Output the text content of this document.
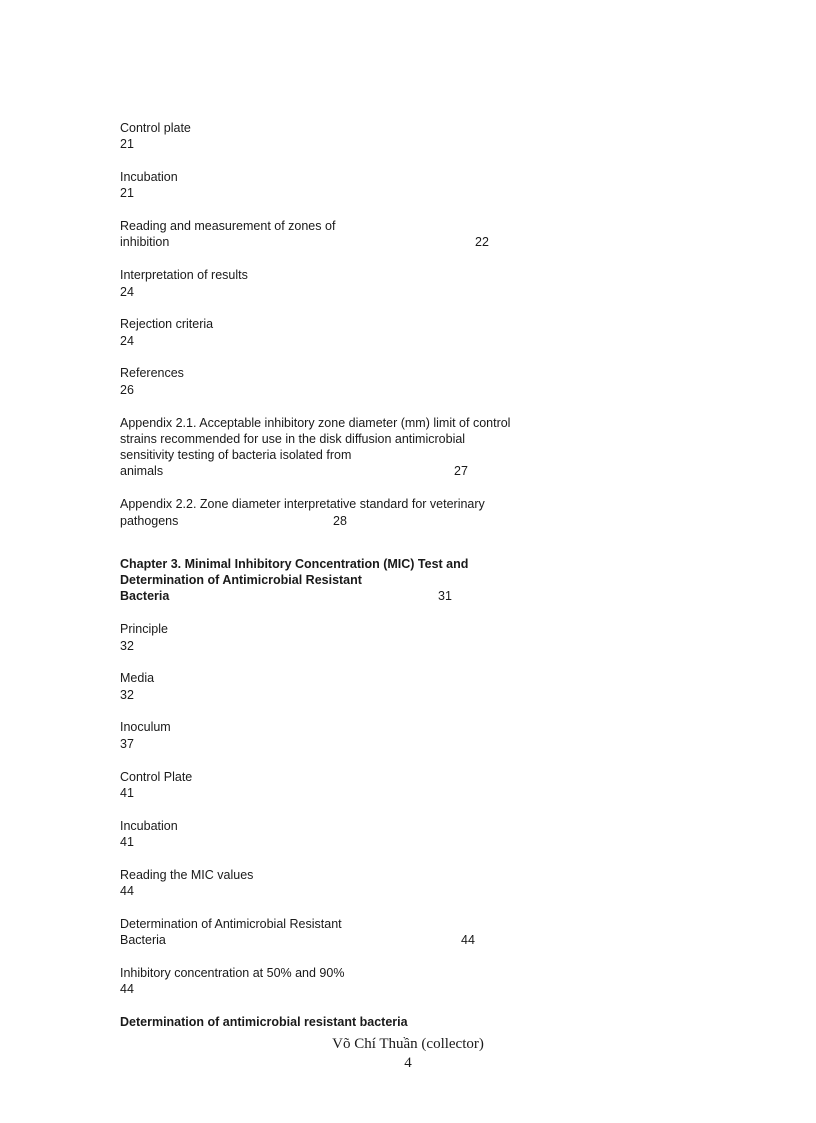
Control plate
21
Incubation
21
Reading and measurement of zones of
inhibition	22
Interpretation of results
24
Rejection criteria
24
References
26
Appendix 2.1. Acceptable inhibitory zone diameter (mm) limit of control
strains recommended for use in the disk diffusion antimicrobial
sensitivity testing of bacteria isolated from
animals	27
Appendix 2.2. Zone diameter interpretative standard for veterinary
pathogens	28
Chapter 3. Minimal Inhibitory Concentration (MIC) Test and
Determination of Antimicrobial Resistant
Bacteria	31
Principle
32
Media
32
Inoculum
37
Control Plate
41
Incubation
41
Reading the MIC values
44
Determination of Antimicrobial Resistant
Bacteria	44
Inhibitory concentration at 50% and 90%
44
Determination of antimicrobial resistant bacteria
Võ Chí Thuần (collector)
4
